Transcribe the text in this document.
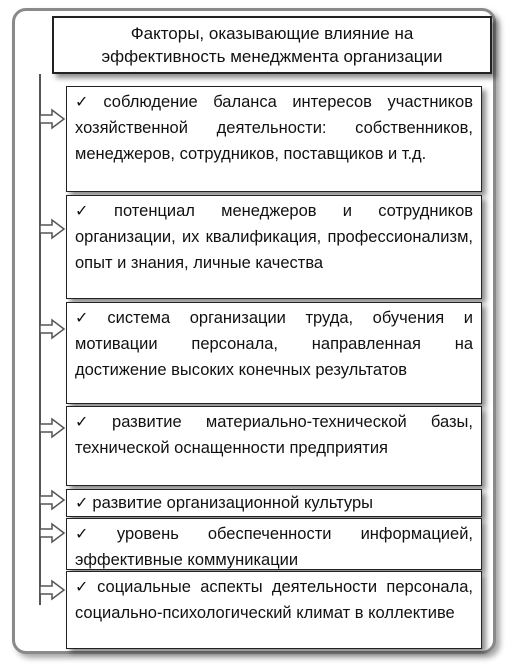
Факторы, оказывающие влияние на
эффективность менеджмента организации
✓ соблюдение баланса интересов участников хозяйственной деятельности: собственников, менеджеров, сотрудников, поставщиков и т.д.
✓ потенциал менеджеров и сотрудников организации, их квалификация, профессионализм, опыт и знания, личные качества
✓ система организации труда, обучения и мотивации персонала, направленная на достижение высоких конечных результатов
✓ развитие материально-технической базы, технической оснащенности предприятия
✓ развитие организационной культуры
✓ уровень обеспеченности информацией, эффективные коммуникации
✓ социальные аспекты деятельности персонала, социально-психологический климат в коллективе
